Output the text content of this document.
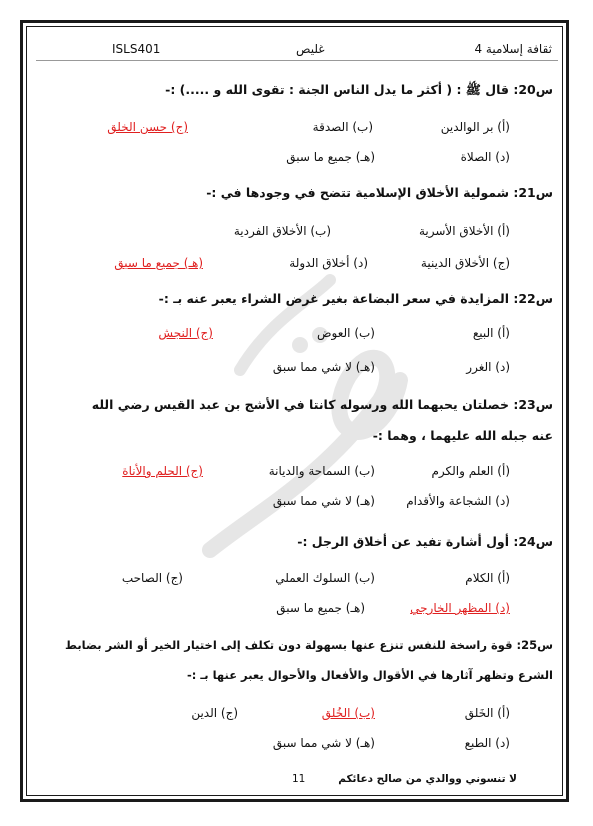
ثقافة إسلامية 4
غليص
ISLS401
س20: قال ﷺ : ( أكثر ما يدل الناس الجنة : تقوى الله و .....) :-
(أ) بر الوالدين
(ب) الصدقة
(ج) حسن الخلق
(د) الصلاة
(هـ) جميع ما سبق
س21: شمولية الأخلاق الإسلامية تتضح في وجودها في :-
(أ) الأخلاق الأسرية
(ب) الأخلاق الفردية
(ج) الأخلاق الدينية
(د) أخلاق الدولة
(هـ) جميع ما سبق
س22: المزايدة في سعر البضاعة بغير غرض الشراء يعبر عنه بـ :-
(أ) البيع
(ب) العوض
(ج) النجش
(د) الغرر
(هـ) لا شي مما سبق
س23: خصلتان يحبهما الله ورسوله كانتا في الأشج بن عبد القيس رضي الله
عنه جبله الله عليهما ، وهما :-
(أ) العلم والكرم
(ب) السماحة والديانة
(ج) الحلم والأناة
(د) الشجاعة والأقدام
(هـ) لا شي مما سبق
س24: أول أشارة تفيد عن أخلاق الرجل :-
(أ) الكلام
(ب) السلوك العملي
(ج) الصاحب
(د) المظهر الخارجي
(هـ) جميع ما سبق
س25: قوة راسخة للنفس تنزع عنها بسهولة دون تكلف إلى اختيار الخير أو الشر بضابط
الشرع وتظهر آثارها في الأقوال والأفعال والأحوال يعبر عنها بـ :-
(أ) الخَلق
(ب) الخُلق
(ج) الدين
(د) الطبع
(هـ) لا شي مما سبق
لا تنسوني ووالدي من صالح دعائكم
11
